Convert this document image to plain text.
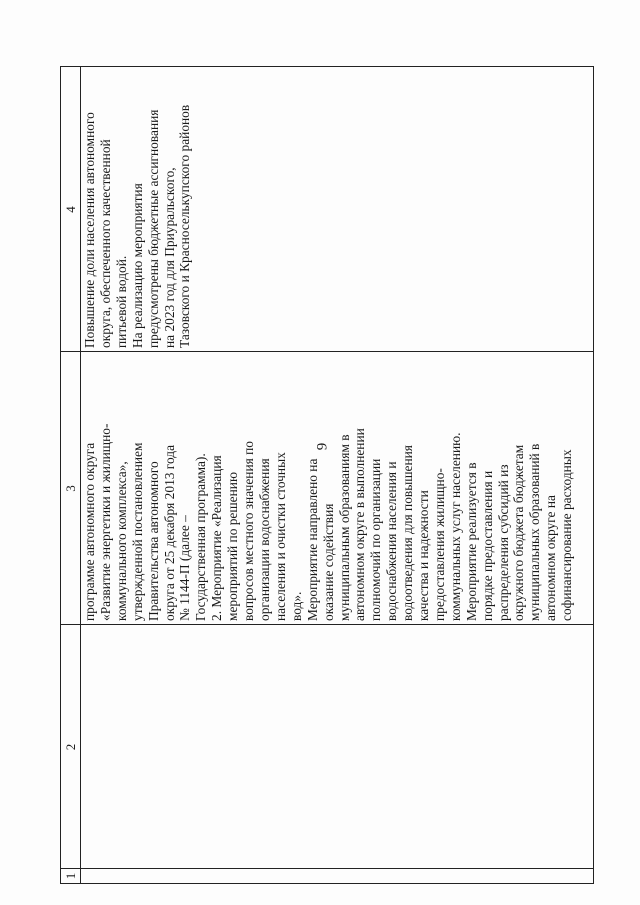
9
1
2
3
4
программе автономного округа «Развитие энергетики и жилищно- коммунального комплекса», утвержденной постановлением Правительства автономного округа от 25 декабря 2013 года № 1144-П (далее – Государственная программа). 2. Мероприятие «Реализация мероприятий по решению вопросов местного значения по организации водоснабжения населения и очистки сточных вод». Мероприятие направлено на оказание содействия муниципальным образованиям в автономном округе в выполнении полномочий по организации водоснабжения населения и водоотведения для повышения качества и надежности предоставления жилищно- коммунальных услуг населению. Мероприятие реализуется в порядке предоставления и распределения субсидий из окружного бюджета бюджетам муниципальных образований в автономном округе на софинансирование расходных
Повышение доли населения автономного округа, обеспеченного качественной питьевой водой. На реализацию мероприятия предусмотрены бюджетные ассигнования на 2023 год для Приуральского, Тазовского и Красноселькупского районов
